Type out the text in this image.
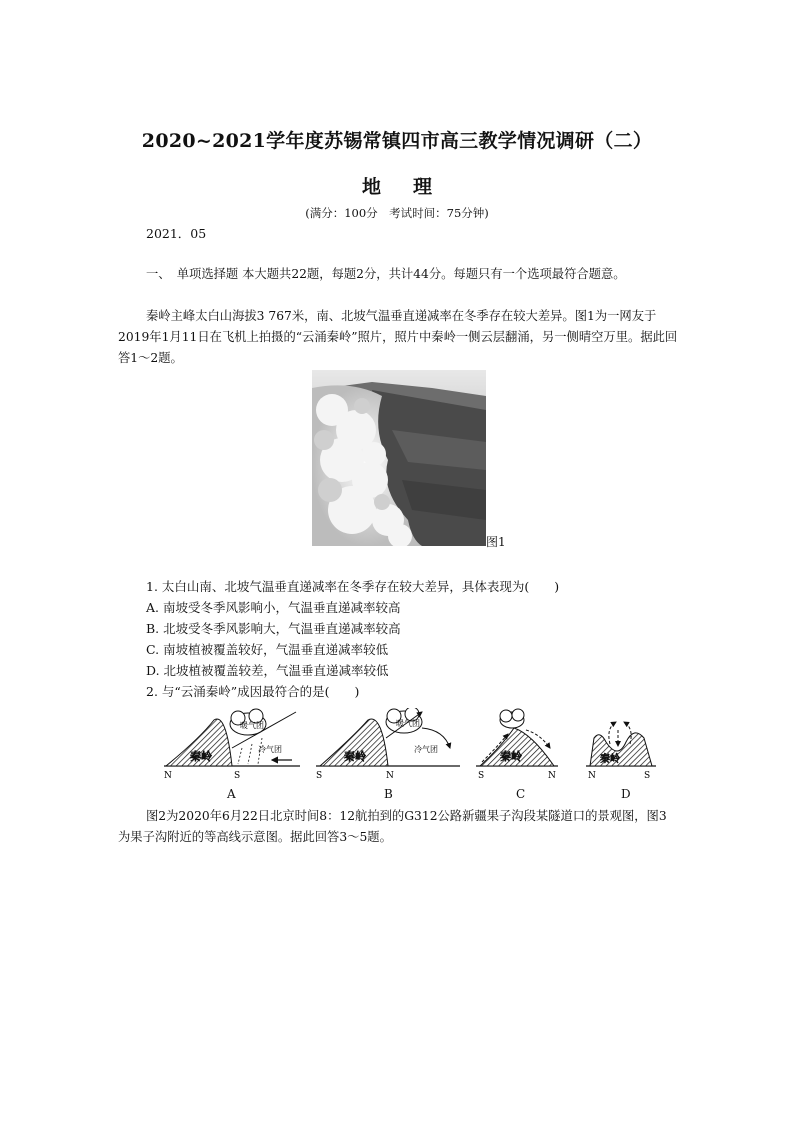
2020~2021学年度苏锡常镇四市高三教学情况调研（二）
地 理
(满分：100分　考试时间：75分钟)
2021．05
一、　单项选择题 本大题共22题，每题2分，共计44分。每题只有一个选项最符合题意。
秦岭主峰太白山海拔3 767米，南、北坡气温垂直递减率在冬季存在较大差异。图1为一网友于2019年1月11日在飞机上拍摄的“云涌秦岭”照片，照片中秦岭一侧云层翻涌，另一侧晴空万里。据此回答1～2题。
图1
1. 太白山南、北坡气温垂直递减率在冬季存在较大差异，具体表现为(　　)
A. 南坡受冬季风影响小，气温垂直递减率较高
B. 北坡受冬季风影响大，气温垂直递减率较高
C. 南坡植被覆盖较好，气温垂直递减率较低
D. 北坡植被覆盖较差，气温垂直递减率较低
2. 与“云涌秦岭”成因最符合的是(　　)
秦岭
暖气团
冷气团
N	S
秦岭
暖气团
冷气团
S	N
秦岭
S	N
秦岭
N	S
A	B	C	D
图2为2020年6月22日北京时间8：12航拍到的G312公路新疆果子沟段某隧道口的景观图，图3为果子沟附近的等高线示意图。据此回答3～5题。
